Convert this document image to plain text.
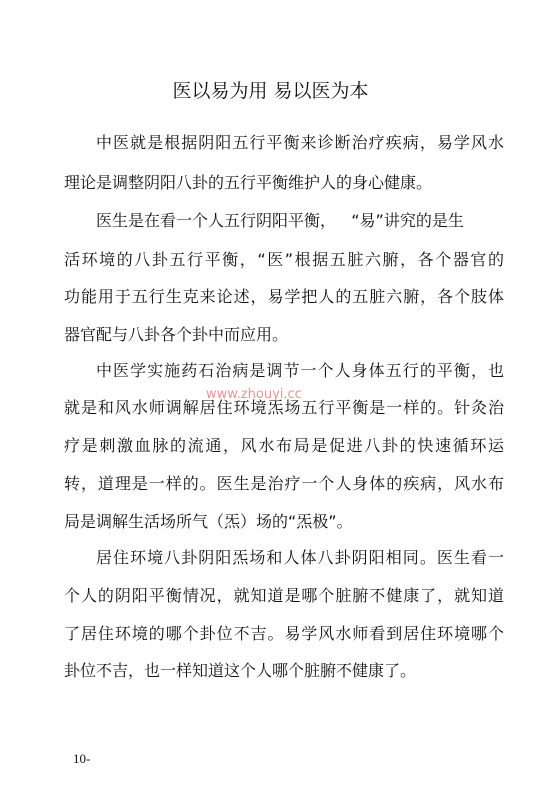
医以易为用 易以医为本
中医就是根据阴阳五行平衡来诊断治疗疾病，易学风水
理论是调整阴阳八卦的五行平衡维护人的身心健康。
医生是在看一个人五行阴阳平衡，   “易”讲究的是生
活环境的八卦五行平衡，“医”根据五脏六腑，各个器官的
功能用于五行生克来论述，易学把人的五脏六腑，各个肢体
器官配与八卦各个卦中而应用。
中医学实施药石治病是调节一个人身体五行的平衡，也
就是和风水师调解居住环境炁场五行平衡是一样的。针灸治
疗是刺激血脉的流通，风水布局是促进八卦的快速循环运
转，道理是一样的。医生是治疗一个人身体的疾病，风水布
局是调解生活场所气（炁）场的“炁极”。
居住环境八卦阴阳炁场和人体八卦阴阳相同。医生看一
个人的阴阳平衡情况，就知道是哪个脏腑不健康了，就知道
了居住环境的哪个卦位不吉。易学风水师看到居住环境哪个
卦位不吉，也一样知道这个人哪个脏腑不健康了。
www.zhouyi.cc
10-
